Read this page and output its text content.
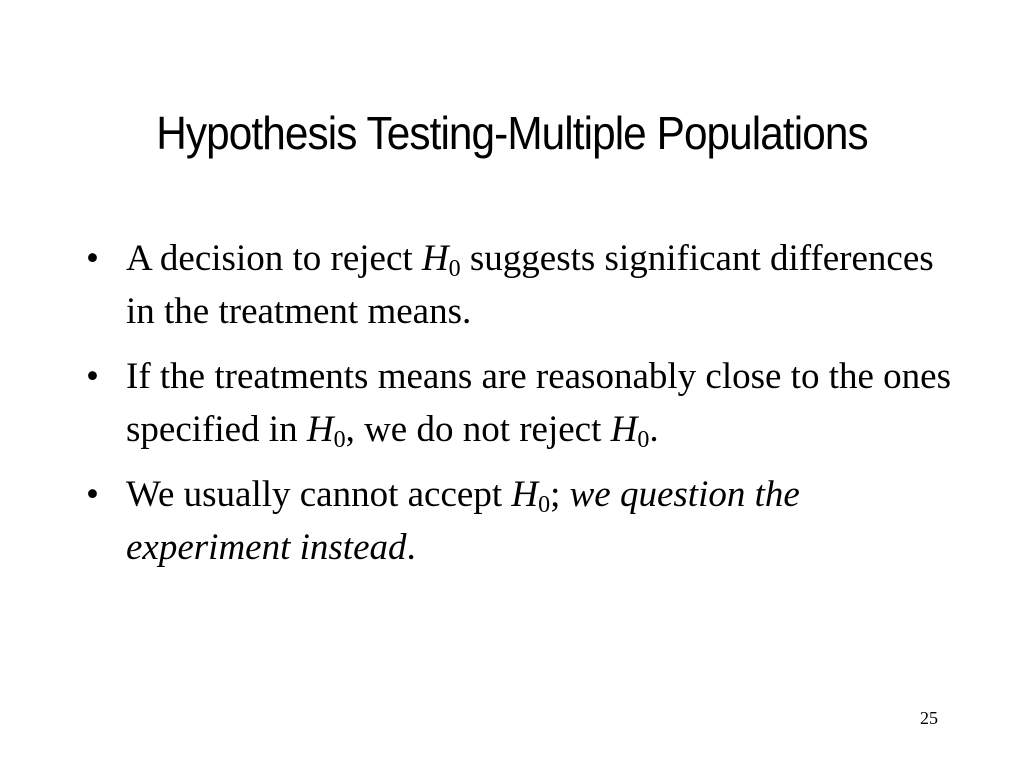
Hypothesis Testing-Multiple Populations
• A decision to reject $H_0$ suggests significant differences in the treatment means.
• If the treatments means are reasonably close to the ones specified in $H_0$, we do not reject $H_0$.
• We usually cannot accept $H_0$; we question the experiment instead.
25
